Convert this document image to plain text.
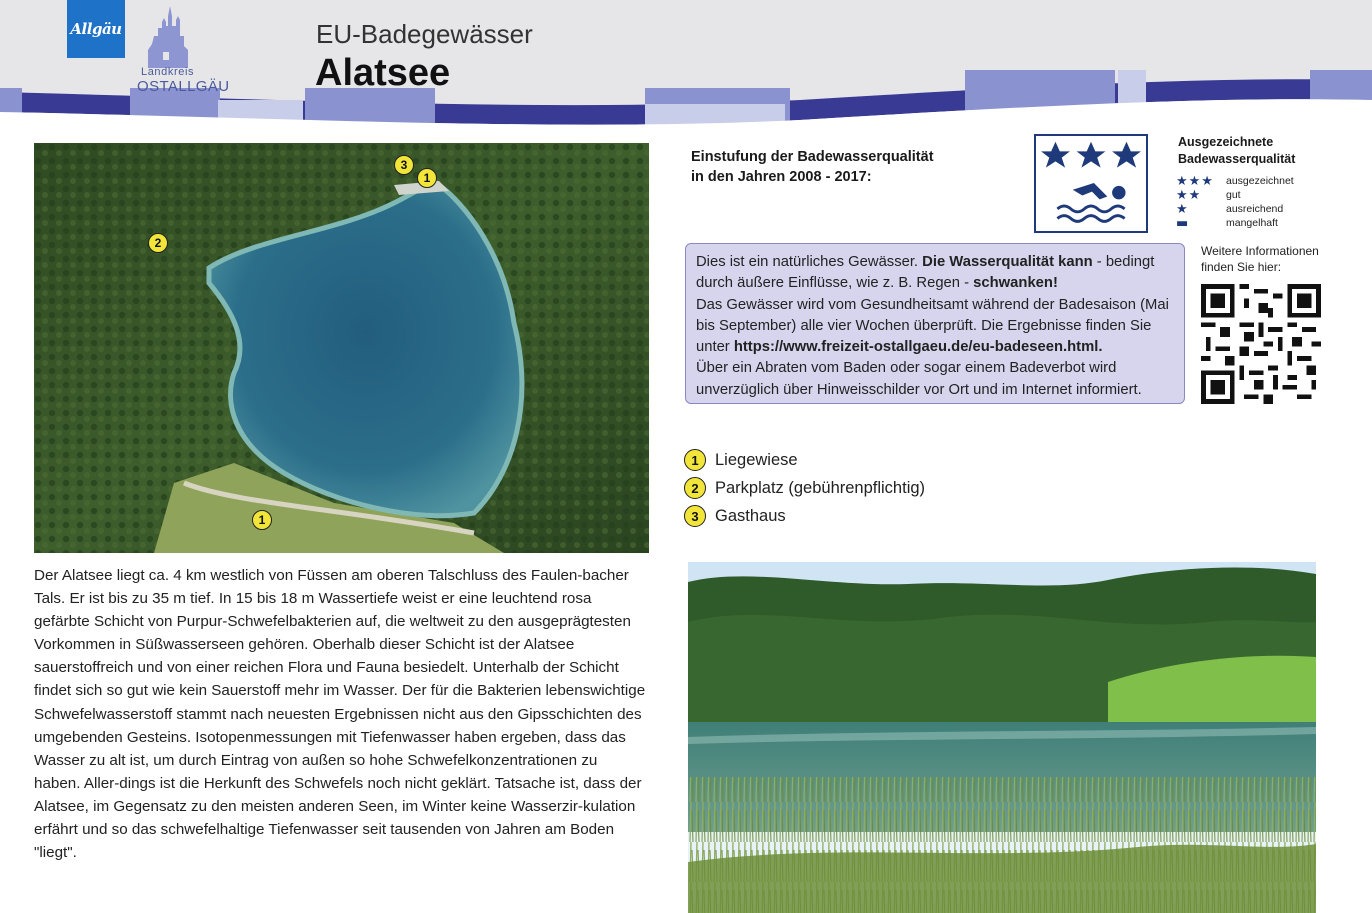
Allgäu
Landkreis
OSTALLGÄU
EU-Badegewässer
Alatsee
3
1
2
1
Der Alatsee liegt ca. 4 km westlich von Füssen am oberen Talschluss des Faulen-bacher Tals. Er ist bis zu 35 m tief. In 15 bis 18 m Wassertiefe weist er eine leuchtend rosa gefärbte Schicht von Purpur-Schwefelbakterien auf, die weltweit zu den ausgeprägtesten Vorkommen in Süßwasserseen gehören. Oberhalb dieser Schicht ist der Alatsee sauerstoffreich und von einer reichen Flora und Fauna besiedelt. Unterhalb der Schicht findet sich so gut wie kein Sauerstoff mehr im Wasser. Der für die Bakterien lebenswichtige Schwefelwasserstoff stammt nach neuesten Ergebnissen nicht aus den Gipsschichten des umgebenden Gesteins. Isotopenmessungen mit Tiefenwasser haben ergeben, dass das Wasser zu alt ist, um durch Eintrag von außen so hohe Schwefelkonzentrationen zu haben. Aller-dings ist die Herkunft des Schwefels noch nicht geklärt. Tatsache ist, dass der Alatsee, im Gegensatz zu den meisten anderen Seen, im Winter keine Wasserzir-kulation erfährt und so das schwefelhaltige Tiefenwasser seit tausenden von Jahren am Boden "liegt".
Einstufung der Badewasserqualität
in den Jahren 2008 - 2017:
Ausgezeichnete
Badewasserqualität
★★★	ausgezeichnet
★★	gut
★	ausreichend
▬	mangelhaft
Dies ist ein natürliches Gewässer. Die Wasserqualität kann - bedingt durch äußere Einflüsse, wie z. B. Regen - schwanken!
Das Gewässer wird vom Gesundheitsamt während der Badesaison (Mai bis September) alle vier Wochen überprüft. Die Ergebnisse finden Sie unter https://www.freizeit-ostallgaeu.de/eu-badeseen.html.
Über ein Abraten vom Baden oder sogar einem Badeverbot wird unverzüglich über Hinweisschilder vor Ort und im Internet informiert.
Weitere Informationen
finden Sie hier:
1 Liegewiese
2 Parkplatz (gebührenpflichtig)
3 Gasthaus
